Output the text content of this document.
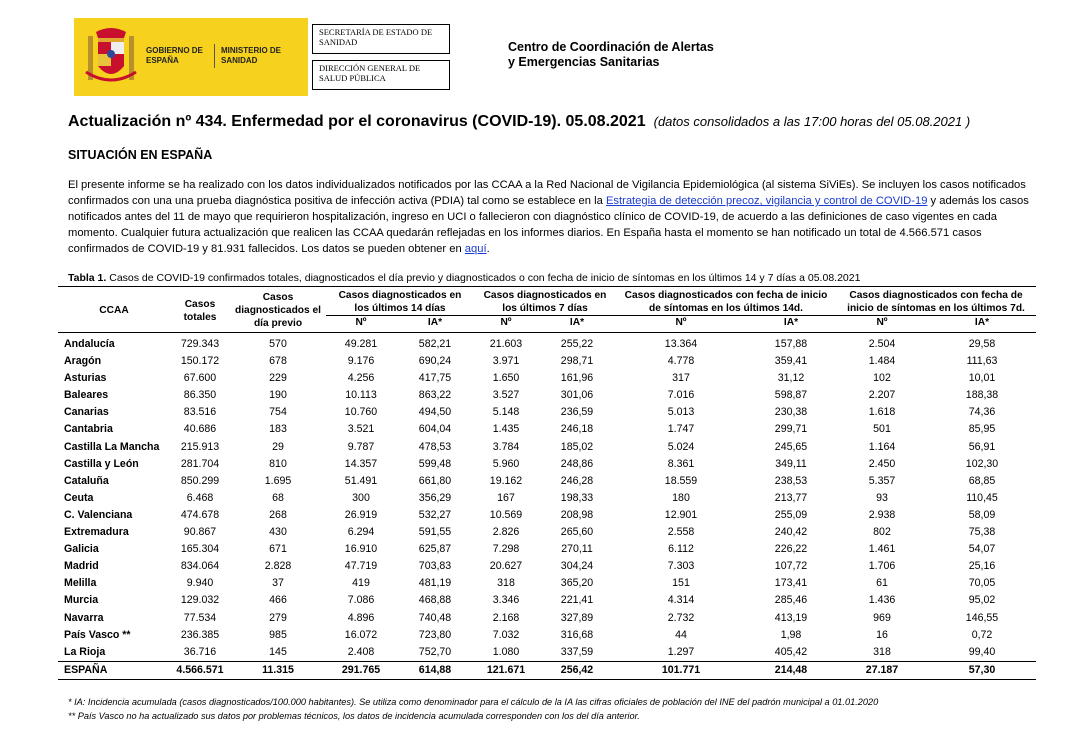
GOBIERNO DE ESPAÑA
MINISTERIO DE SANIDAD
SECRETARÍA DE ESTADO DE SANIDAD
DIRECCIÓN GENERAL DE SALUD PÚBLICA
Centro de Coordinación de Alertas y Emergencias Sanitarias
Actualización nº 434. Enfermedad por el coronavirus (COVID-19). 05.08.2021 (datos consolidados a las 17:00 horas del 05.08.2021 )
SITUACIÓN EN ESPAÑA
El presente informe se ha realizado con los datos individualizados notificados por las CCAA a la Red Nacional de Vigilancia Epidemiológica (al sistema SiViEs). Se incluyen los casos notificados confirmados con una una prueba diagnóstica positiva de infección activa (PDIA) tal como se establece en la Estrategia de detección precoz, vigilancia y control de COVID-19 y además los casos notificados antes del 11 de mayo que requirieron hospitalización, ingreso en UCI o fallecieron con diagnóstico clínico de COVID-19, de acuerdo a las definiciones de caso vigentes en cada momento. Cualquier futura actualización que realicen las CCAA quedarán reflejadas en los informes diarios. En España hasta el momento se han notificado un total de 4.566.571 casos confirmados de COVID-19 y 81.931 fallecidos. Los datos se pueden obtener en aquí.
Tabla 1. Casos de COVID-19 confirmados totales, diagnosticados el día previo y diagnosticados o con fecha de inicio de síntomas en los últimos 14 y 7 días a 05.08.2021
CCAA	Casos totales	Casos diagnosticados el día previo	Casos diagnosticados en los últimos 14 días		Casos diagnosticados en los últimos 7 días		Casos diagnosticados con fecha de inicio de síntomas en los últimos 14d.		Casos diagnosticados con fecha de inicio de síntomas en los últimos 7d.	

			Nº	IA*	Nº	IA*	Nº	IA*	Nº	IA*
Andalucía	729.343	570	49.281	582,21	21.603	255,22	13.364	157,88	2.504	29,58
Aragón	150.172	678	9.176	690,24	3.971	298,71	4.778	359,41	1.484	111,63
Asturias	67.600	229	4.256	417,75	1.650	161,96	317	31,12	102	10,01
Baleares	86.350	190	10.113	863,22	3.527	301,06	7.016	598,87	2.207	188,38
Canarias	83.516	754	10.760	494,50	5.148	236,59	5.013	230,38	1.618	74,36
Cantabria	40.686	183	3.521	604,04	1.435	246,18	1.747	299,71	501	85,95
Castilla La Mancha	215.913	29	9.787	478,53	3.784	185,02	5.024	245,65	1.164	56,91
Castilla y León	281.704	810	14.357	599,48	5.960	248,86	8.361	349,11	2.450	102,30
Cataluña	850.299	1.695	51.491	661,80	19.162	246,28	18.559	238,53	5.357	68,85
Ceuta	6.468	68	300	356,29	167	198,33	180	213,77	93	110,45
C. Valenciana	474.678	268	26.919	532,27	10.569	208,98	12.901	255,09	2.938	58,09
Extremadura	90.867	430	6.294	591,55	2.826	265,60	2.558	240,42	802	75,38
Galicia	165.304	671	16.910	625,87	7.298	270,11	6.112	226,22	1.461	54,07
Madrid	834.064	2.828	47.719	703,83	20.627	304,24	7.303	107,72	1.706	25,16
Melilla	9.940	37	419	481,19	318	365,20	151	173,41	61	70,05
Murcia	129.032	466	7.086	468,88	3.346	221,41	4.314	285,46	1.436	95,02
Navarra	77.534	279	4.896	740,48	2.168	327,89	2.732	413,19	969	146,55
País Vasco **	236.385	985	16.072	723,80	7.032	316,68	44	1,98	16	0,72
La Rioja	36.716	145	2.408	752,70	1.080	337,59	1.297	405,42	318	99,40
ESPAÑA	4.566.571	11.315	291.765	614,88	121.671	256,42	101.771	214,48	27.187	57,30
* IA: Incidencia acumulada (casos diagnosticados/100.000 habitantes). Se utiliza como denominador para el cálculo de la IA las cifras oficiales de población del INE del padrón municipal a 01.01.2020
** País Vasco no ha actualizado sus datos por problemas técnicos, los datos de incidencia acumulada corresponden con los del día anterior.
